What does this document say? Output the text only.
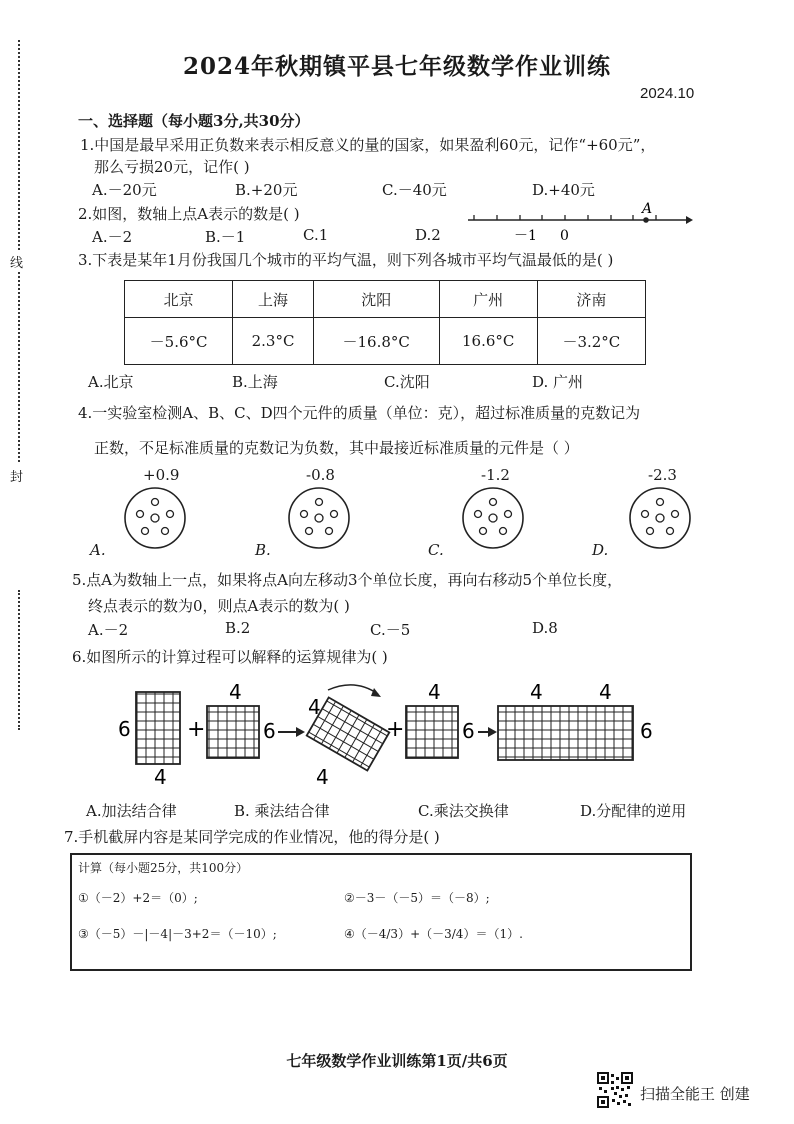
线
封
2024年秋期镇平县七年级数学作业训练
2024.10
一、选择题（每小题3分,共30分）
1.中国是最早采用正负数来表示相反意义的量的国家，如果盈利60元，记作“+60元”，
那么亏损20元，记作( )
A.－20元	B.+20元	C.－40元	D.+40元
2.如图，数轴上点A表示的数是( )
A.－2	B.－1	C.1	D.2
A
－1 0
3.下表是某年1月份我国几个城市的平均气温，则下列各城市平均气温最低的是( )
北京	上海	沈阳	广州	济南
－5.6°C	2.3°C	－16.8°C	16.6°C	－3.2°C
A.北京	B.上海	C.沈阳	D. 广州
4.一实验室检测A、B、C、D四个元件的质量（单位：克），超过标准质量的克数记为
正数，不足标准质量的克数记为负数，其中最接近标准质量的元件是（ ）
+0.9	-0.8	-1.2	-2.3
A.	B.	C.	D.
5.点A为数轴上一点，如果将点A向左移动3个单位长度，再向右移动5个单位长度，
终点表示的数为0，则点A表示的数为( )
A.－2	B.2	C.－5	D.8
6.如图所示的计算过程可以解释的运算规律为( )
6
4
+
4
6
4
4
+
4
6
4	4
6
A.加法结合律	B. 乘法结合律	C.乘法交换律	D.分配律的逆用
7.手机截屏内容是某同学完成的作业情况，他的得分是( )
计算（每小题25分，共100分）
①（－2）+2＝（0）;	②－3－（－5）＝（－8）;
③（－5）－|－4|－3+2＝（－10）;	④（－4/3）+（－3/4）＝（1）.
七年级数学作业训练第1页/共6页
扫描全能王 创建
